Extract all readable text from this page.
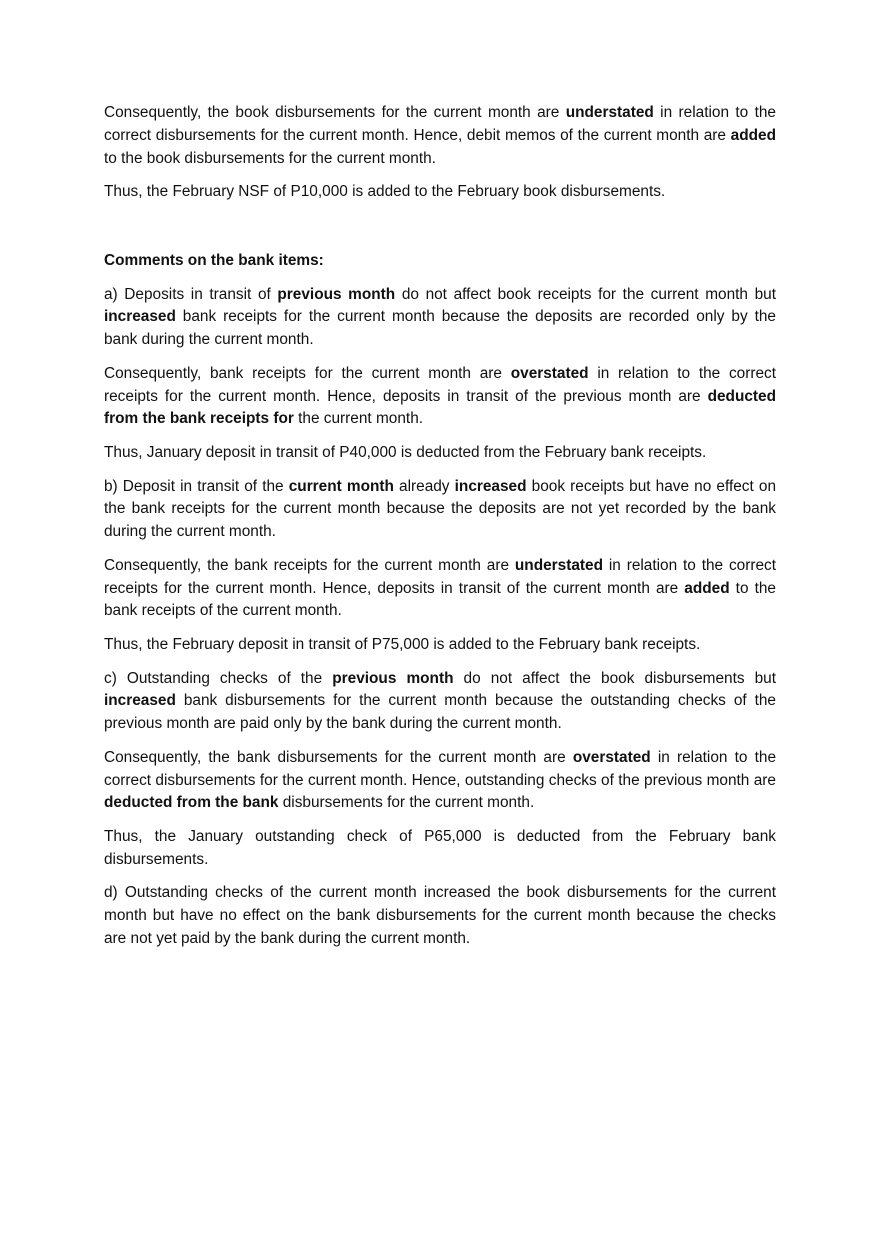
Consequently, the book disbursements for the current month are understated in relation to the correct disbursements for the current month. Hence, debit memos of the current month are added to the book disbursements for the current month.

Thus, the February NSF of P10,000 is added to the February book disbursements.

Comments on the bank items:

a) Deposits in transit of previous month do not affect book receipts for the current month but increased bank receipts for the current month because the deposits are recorded only by the bank during the current month.

Consequently, bank receipts for the current month are overstated in relation to the correct receipts for the current month. Hence, deposits in transit of the previous month are deducted from the bank receipts for the current month.

Thus, January deposit in transit of P40,000 is deducted from the February bank receipts.

b) Deposit in transit of the current month already increased book receipts but have no effect on the bank receipts for the current month because the deposits are not yet recorded by the bank during the current month.

Consequently, the bank receipts for the current month are understated in relation to the correct receipts for the current month. Hence, deposits in transit of the current month are added to the bank receipts of the current month.

Thus, the February deposit in transit of P75,000 is added to the February bank receipts.

c) Outstanding checks of the previous month do not affect the book disbursements but increased bank disbursements for the current month because the outstanding checks of the previous month are paid only by the bank during the current month.

Consequently, the bank disbursements for the current month are overstated in relation to the correct disbursements for the current month. Hence, outstanding checks of the previous month are deducted from the bank disbursements for the current month.

Thus, the January outstanding check of P65,000 is deducted from the February bank disbursements.

d) Outstanding checks of the current month increased the book disbursements for the current month but have no effect on the bank disbursements for the current month because the checks are not yet paid by the bank during the current month.
